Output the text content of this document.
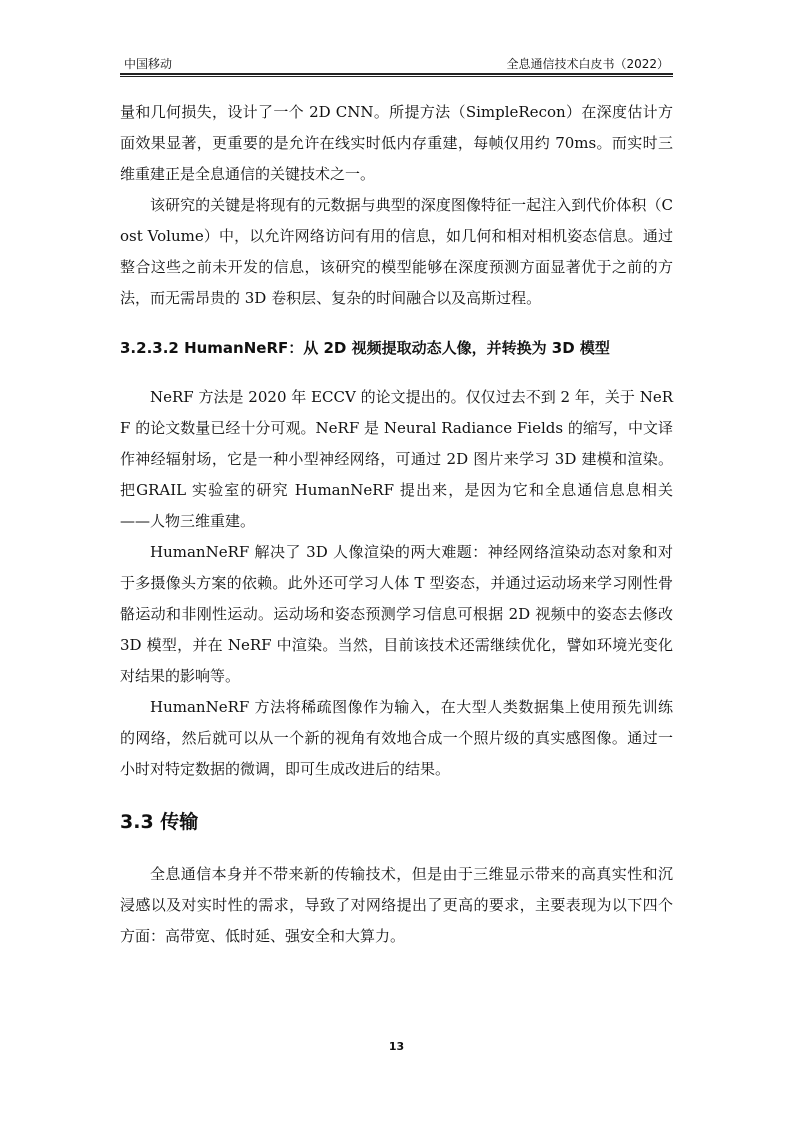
中国移动	全息通信技术白皮书（2022）

量和几何损失，设计了一个 2D CNN。所提方法（SimpleRecon）在深度估计方面效果显著，更重要的是允许在线实时低内存重建，每帧仅用约 70ms。而实时三维重建正是全息通信的关键技术之一。

该研究的关键是将现有的元数据与典型的深度图像特征一起注入到代价体积（Cost Volume）中，以允许网络访问有用的信息，如几何和相对相机姿态信息。通过整合这些之前未开发的信息，该研究的模型能够在深度预测方面显著优于之前的方法，而无需昂贵的 3D 卷积层、复杂的时间融合以及高斯过程。

3.2.3.2 HumanNeRF：从 2D 视频提取动态人像，并转换为 3D 模型

NeRF 方法是 2020 年 ECCV 的论文提出的。仅仅过去不到 2 年，关于 NeRF 的论文数量已经十分可观。NeRF 是 Neural Radiance Fields 的缩写，中文译作神经辐射场，它是一种小型神经网络，可通过 2D 图片来学习 3D 建模和渲染。把GRAIL 实验室的研究 HumanNeRF 提出来，是因为它和全息通信息息相关——人物三维重建。

HumanNeRF 解决了 3D 人像渲染的两大难题：神经网络渲染动态对象和对于多摄像头方案的依赖。此外还可学习人体 T 型姿态，并通过运动场来学习刚性骨骼运动和非刚性运动。运动场和姿态预测学习信息可根据 2D 视频中的姿态去修改 3D 模型，并在 NeRF 中渲染。当然，目前该技术还需继续优化，譬如环境光变化对结果的影响等。

HumanNeRF 方法将稀疏图像作为输入，在大型人类数据集上使用预先训练的网络，然后就可以从一个新的视角有效地合成一个照片级的真实感图像。通过一小时对特定数据的微调，即可生成改进后的结果。

3.3 传输

全息通信本身并不带来新的传输技术，但是由于三维显示带来的高真实性和沉浸感以及对实时性的需求，导致了对网络提出了更高的要求，主要表现为以下四个方面：高带宽、低时延、强安全和大算力。

13
